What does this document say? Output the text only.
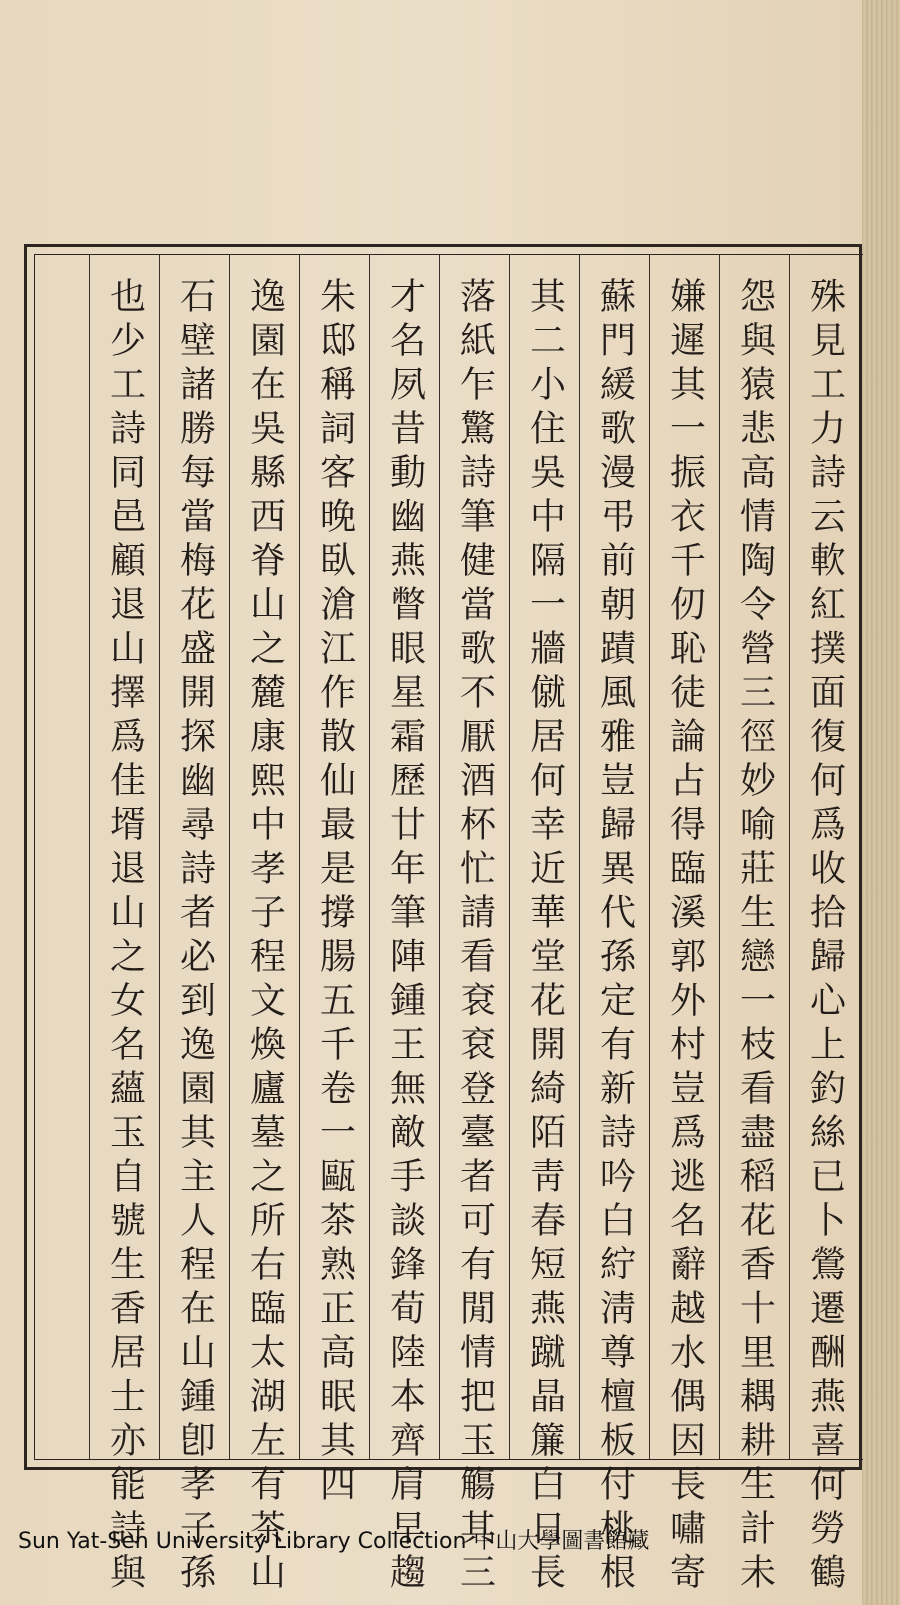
殊見工力詩云軟紅撲面復何爲收拾歸心上釣絲已卜鶯遷酬燕喜何勞鶴
怨與猿悲高情陶令營三徑妙喻莊生戀一枝看盡稻花香十里耦耕生計未
嫌遲其一振衣千仞恥徒論占得臨溪郭外村豈爲逃名辭越水偶因長嘯寄
蘇門緩歌漫弔前朝蹟風雅豈歸異代孫定有新詩吟白紵淸尊檀板付桃根
其二小住吳中隔一牆僦居何幸近華堂花開綺陌靑春短燕蹴晶簾白日長
落紙乍驚詩筆健當歌不厭酒杯忙請看袞袞登臺者可有閒情把玉觴其三
才名夙昔動幽燕瞥眼星霜歷廿年筆陣鍾王無敵手談鋒荀陸本齊肩早趨
朱邸稱詞客晚臥滄江作散仙最是撐腸五千卷一甌茶熟正高眠其四
逸園在吳縣西脊山之麓康熙中孝子程文煥廬墓之所右臨太湖左有茶山
石壁諸勝每當梅花盛開探幽尋詩者必到逸園其主人程在山鍾卽孝子孫
也少工詩同邑顧退山擇爲佳壻退山之女名蘊玉自號生香居士亦能詩與
Sun Yat-Sen University Library Collection 中山大學圖書館藏
